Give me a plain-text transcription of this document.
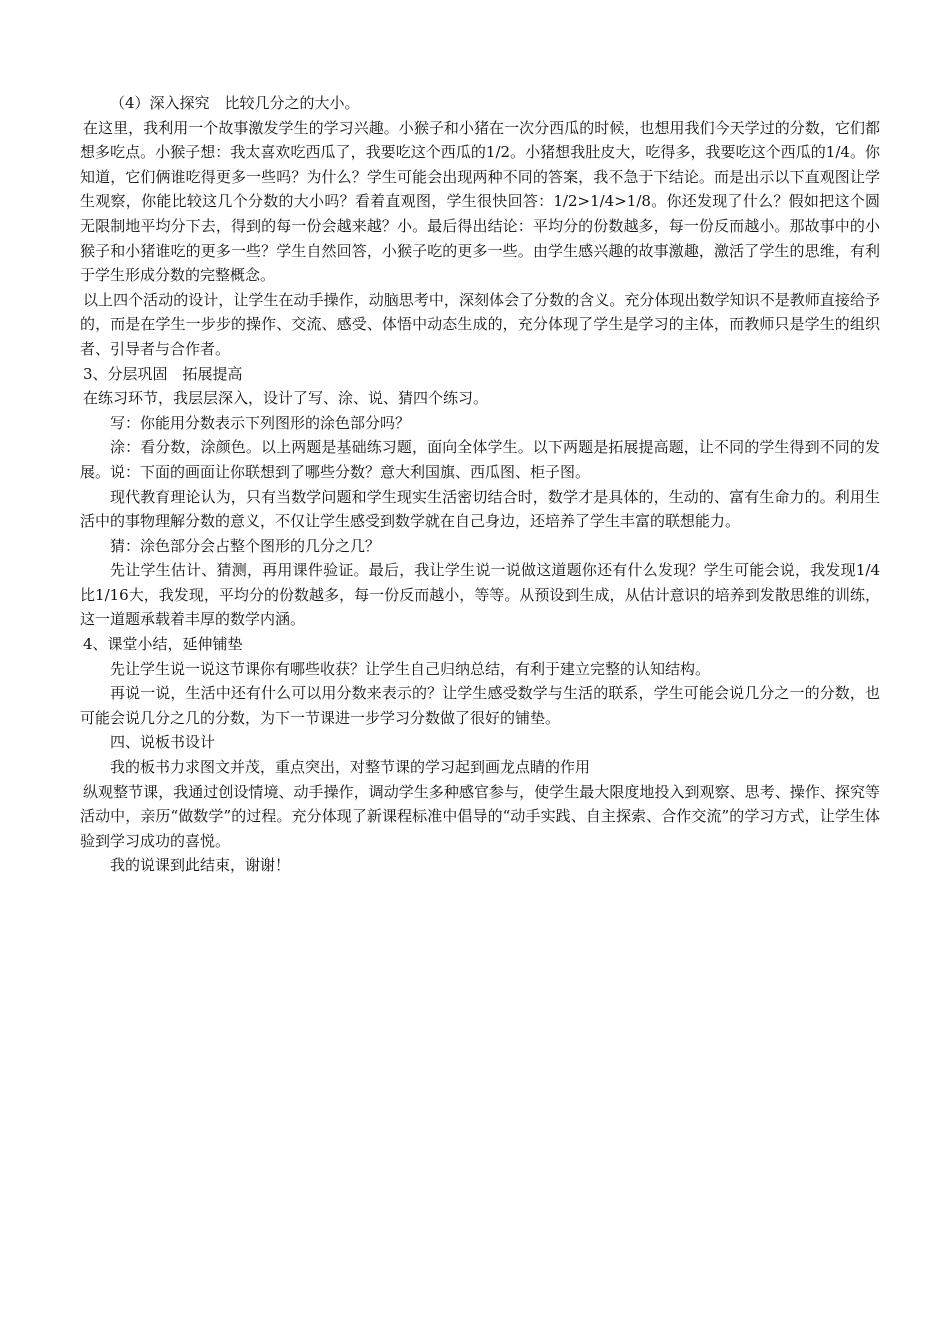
（4）深入探究　比较几分之的大小。

在这里，我利用一个故事激发学生的学习兴趣。小猴子和小猪在一次分西瓜的时候，也想用我们今天学过的分数，它们都想多吃点。小猴子想：我太喜欢吃西瓜了，我要吃这个西瓜的1/2。小猪想我肚皮大，吃得多，我要吃这个西瓜的1/4。你知道，它们俩谁吃得更多一些吗？为什么？学生可能会出现两种不同的答案，我不急于下结论。而是出示以下直观图让学生观察，你能比较这几个分数的大小吗？看着直观图，学生很快回答：1/2>1/4>1/8。你还发现了什么？假如把这个圆无限制地平均分下去，得到的每一份会越来越？小。最后得出结论：平均分的份数越多，每一份反而越小。那故事中的小猴子和小猪谁吃的更多一些？学生自然回答，小猴子吃的更多一些。由学生感兴趣的故事激趣，激活了学生的思维，有利于学生形成分数的完整概念。

以上四个活动的设计，让学生在动手操作，动脑思考中，深刻体会了分数的含义。充分体现出数学知识不是教师直接给予的，而是在学生一步步的操作、交流、感受、体悟中动态生成的，充分体现了学生是学习的主体，而教师只是学生的组织者、引导者与合作者。

3、分层巩固　拓展提高

在练习环节，我层层深入，设计了写、涂、说、猜四个练习。

写：你能用分数表示下列图形的涂色部分吗？

涂：看分数，涂颜色。以上两题是基础练习题，面向全体学生。以下两题是拓展提高题，让不同的学生得到不同的发展。说：下面的画面让你联想到了哪些分数？意大利国旗、西瓜图、柜子图。

现代教育理论认为，只有当数学问题和学生现实生活密切结合时，数学才是具体的，生动的、富有生命力的。利用生活中的事物理解分数的意义，不仅让学生感受到数学就在自己身边，还培养了学生丰富的联想能力。

猜：涂色部分会占整个图形的几分之几？

先让学生估计、猜测，再用课件验证。最后，我让学生说一说做这道题你还有什么发现？学生可能会说，我发现1/4比1/16大，我发现，平均分的份数越多，每一份反而越小，等等。从预设到生成，从估计意识的培养到发散思维的训练，这一道题承载着丰厚的数学内涵。

4、课堂小结，延伸铺垫

先让学生说一说这节课你有哪些收获？让学生自己归纳总结，有利于建立完整的认知结构。

再说一说，生活中还有什么可以用分数来表示的？让学生感受数学与生活的联系，学生可能会说几分之一的分数，也可能会说几分之几的分数，为下一节课进一步学习分数做了很好的铺垫。

四、说板书设计

我的板书力求图文并茂，重点突出，对整节课的学习起到画龙点睛的作用

纵观整节课，我通过创设情境、动手操作，调动学生多种感官参与，使学生最大限度地投入到观察、思考、操作、探究等活动中，亲历“做数学”的过程。充分体现了新课程标准中倡导的“动手实践、自主探索、合作交流”的学习方式，让学生体验到学习成功的喜悦。

我的说课到此结束，谢谢！
